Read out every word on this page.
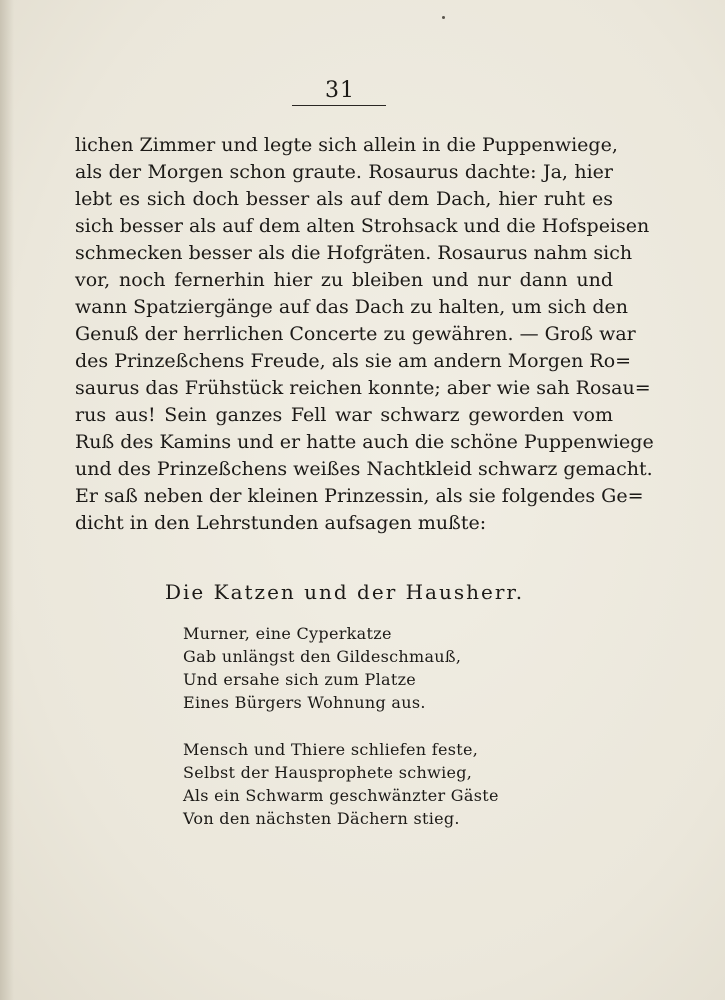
31
lichen Zimmer und legte sich allein in die Puppenwiege,
als der Morgen schon graute. Rosaurus dachte: Ja, hier
lebt es sich doch besser als auf dem Dach, hier ruht es
sich besser als auf dem alten Strohsack und die Hofspeisen
schmecken besser als die Hofgräten. Rosaurus nahm sich
vor, noch fernerhin hier zu bleiben und nur dann und
wann Spatziergänge auf das Dach zu halten, um sich den
Genuß der herrlichen Concerte zu gewähren. — Groß war
des Prinzeßchens Freude, als sie am andern Morgen Ro=
saurus das Frühstück reichen konnte; aber wie sah Rosau=
rus aus! Sein ganzes Fell war schwarz geworden vom
Ruß des Kamins und er hatte auch die schöne Puppenwiege
und des Prinzeßchens weißes Nachtkleid schwarz gemacht.
Er saß neben der kleinen Prinzessin, als sie folgendes Ge=
dicht in den Lehrstunden aufsagen mußte:
Die Katzen und der Hausherr.
Murner, eine Cyperkatze
Gab unlängst den Gildeschmauß,
Und ersahe sich zum Platze
Eines Bürgers Wohnung aus.
Mensch und Thiere schliefen feste,
Selbst der Hausprophete schwieg,
Als ein Schwarm geschwänzter Gäste
Von den nächsten Dächern stieg.
